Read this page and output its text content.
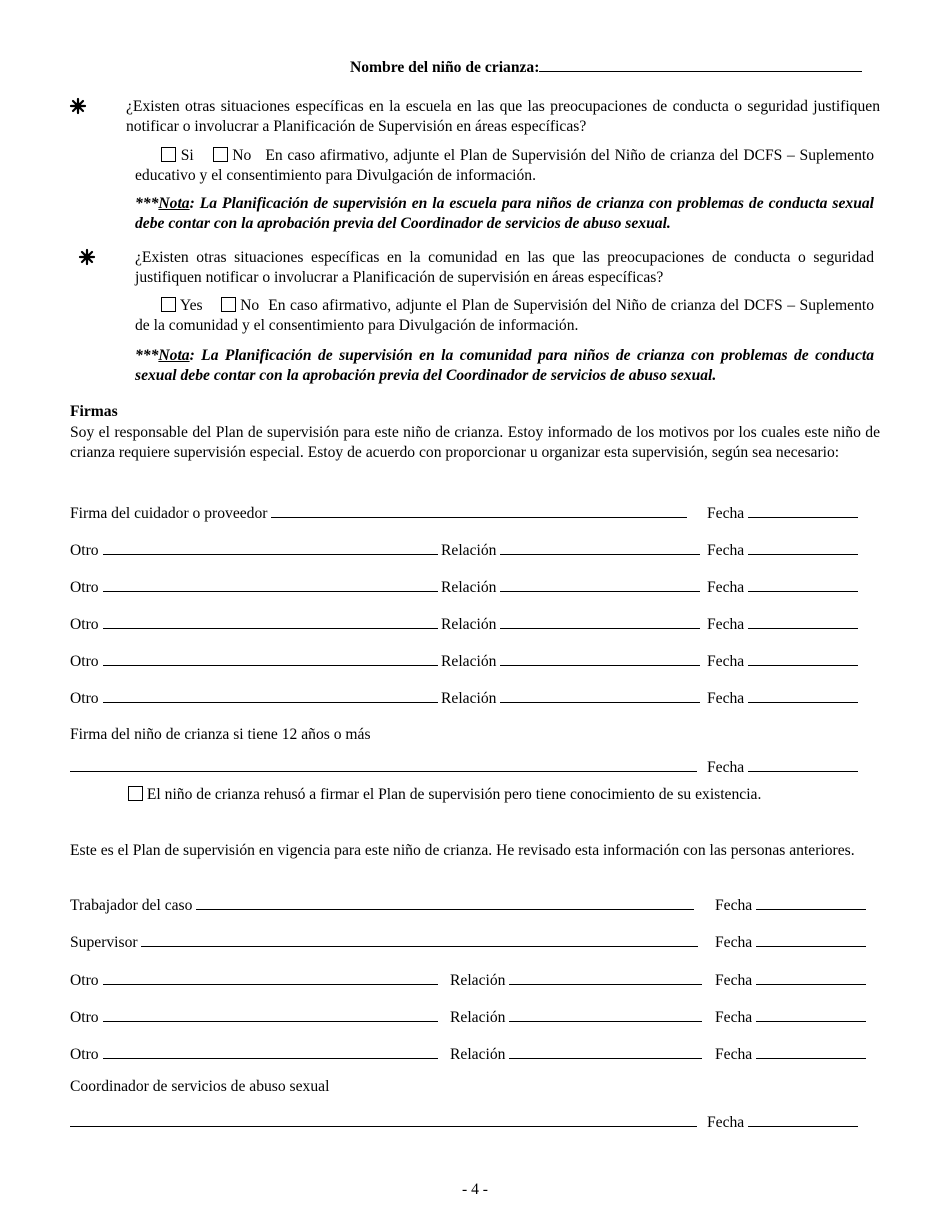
Nombre del niño de crianza:
¿Existen otras situaciones específicas en la escuela en las que las preocupaciones de conducta o seguridad justifiquen notificar o involucrar a Planificación de Supervisión en áreas específicas?
Si No En caso afirmativo, adjunte el Plan de Supervisión del Niño de crianza del DCFS – Suplemento educativo y el consentimiento para Divulgación de información.
***Nota: La Planificación de supervisión en la escuela para niños de crianza con problemas de conducta sexual debe contar con la aprobación previa del Coordinador de servicios de abuso sexual.
¿Existen otras situaciones específicas en la comunidad en las que las preocupaciones de conducta o seguridad justifiquen notificar o involucrar a Planificación de supervisión en áreas específicas?
Yes No En caso afirmativo, adjunte el Plan de Supervisión del Niño de crianza del DCFS – Suplemento de la comunidad y el consentimiento para Divulgación de información.
***Nota: La Planificación de supervisión en la comunidad para niños de crianza con problemas de conducta sexual debe contar con la aprobación previa del Coordinador de servicios de abuso sexual.
Firmas
Soy el responsable del Plan de supervisión para este niño de crianza. Estoy informado de los motivos por los cuales este niño de crianza requiere supervisión especial. Estoy de acuerdo con proporcionar u organizar esta supervisión, según sea necesario:
Firma del cuidador o proveedor	Fecha
Otro	Relación	Fecha
Otro	Relación	Fecha
Otro	Relación	Fecha
Otro	Relación	Fecha
Otro	Relación	Fecha
Firma del niño de crianza si tiene 12 años o más
Fecha
El niño de crianza rehusó a firmar el Plan de supervisión pero tiene conocimiento de su existencia.
Este es el Plan de supervisión en vigencia para este niño de crianza. He revisado esta información con las personas anteriores.
Trabajador del caso	Fecha
Supervisor	Fecha
Otro	Relación	Fecha
Otro	Relación	Fecha
Otro	Relación	Fecha
Coordinador de servicios de abuso sexual
Fecha
- 4 -
